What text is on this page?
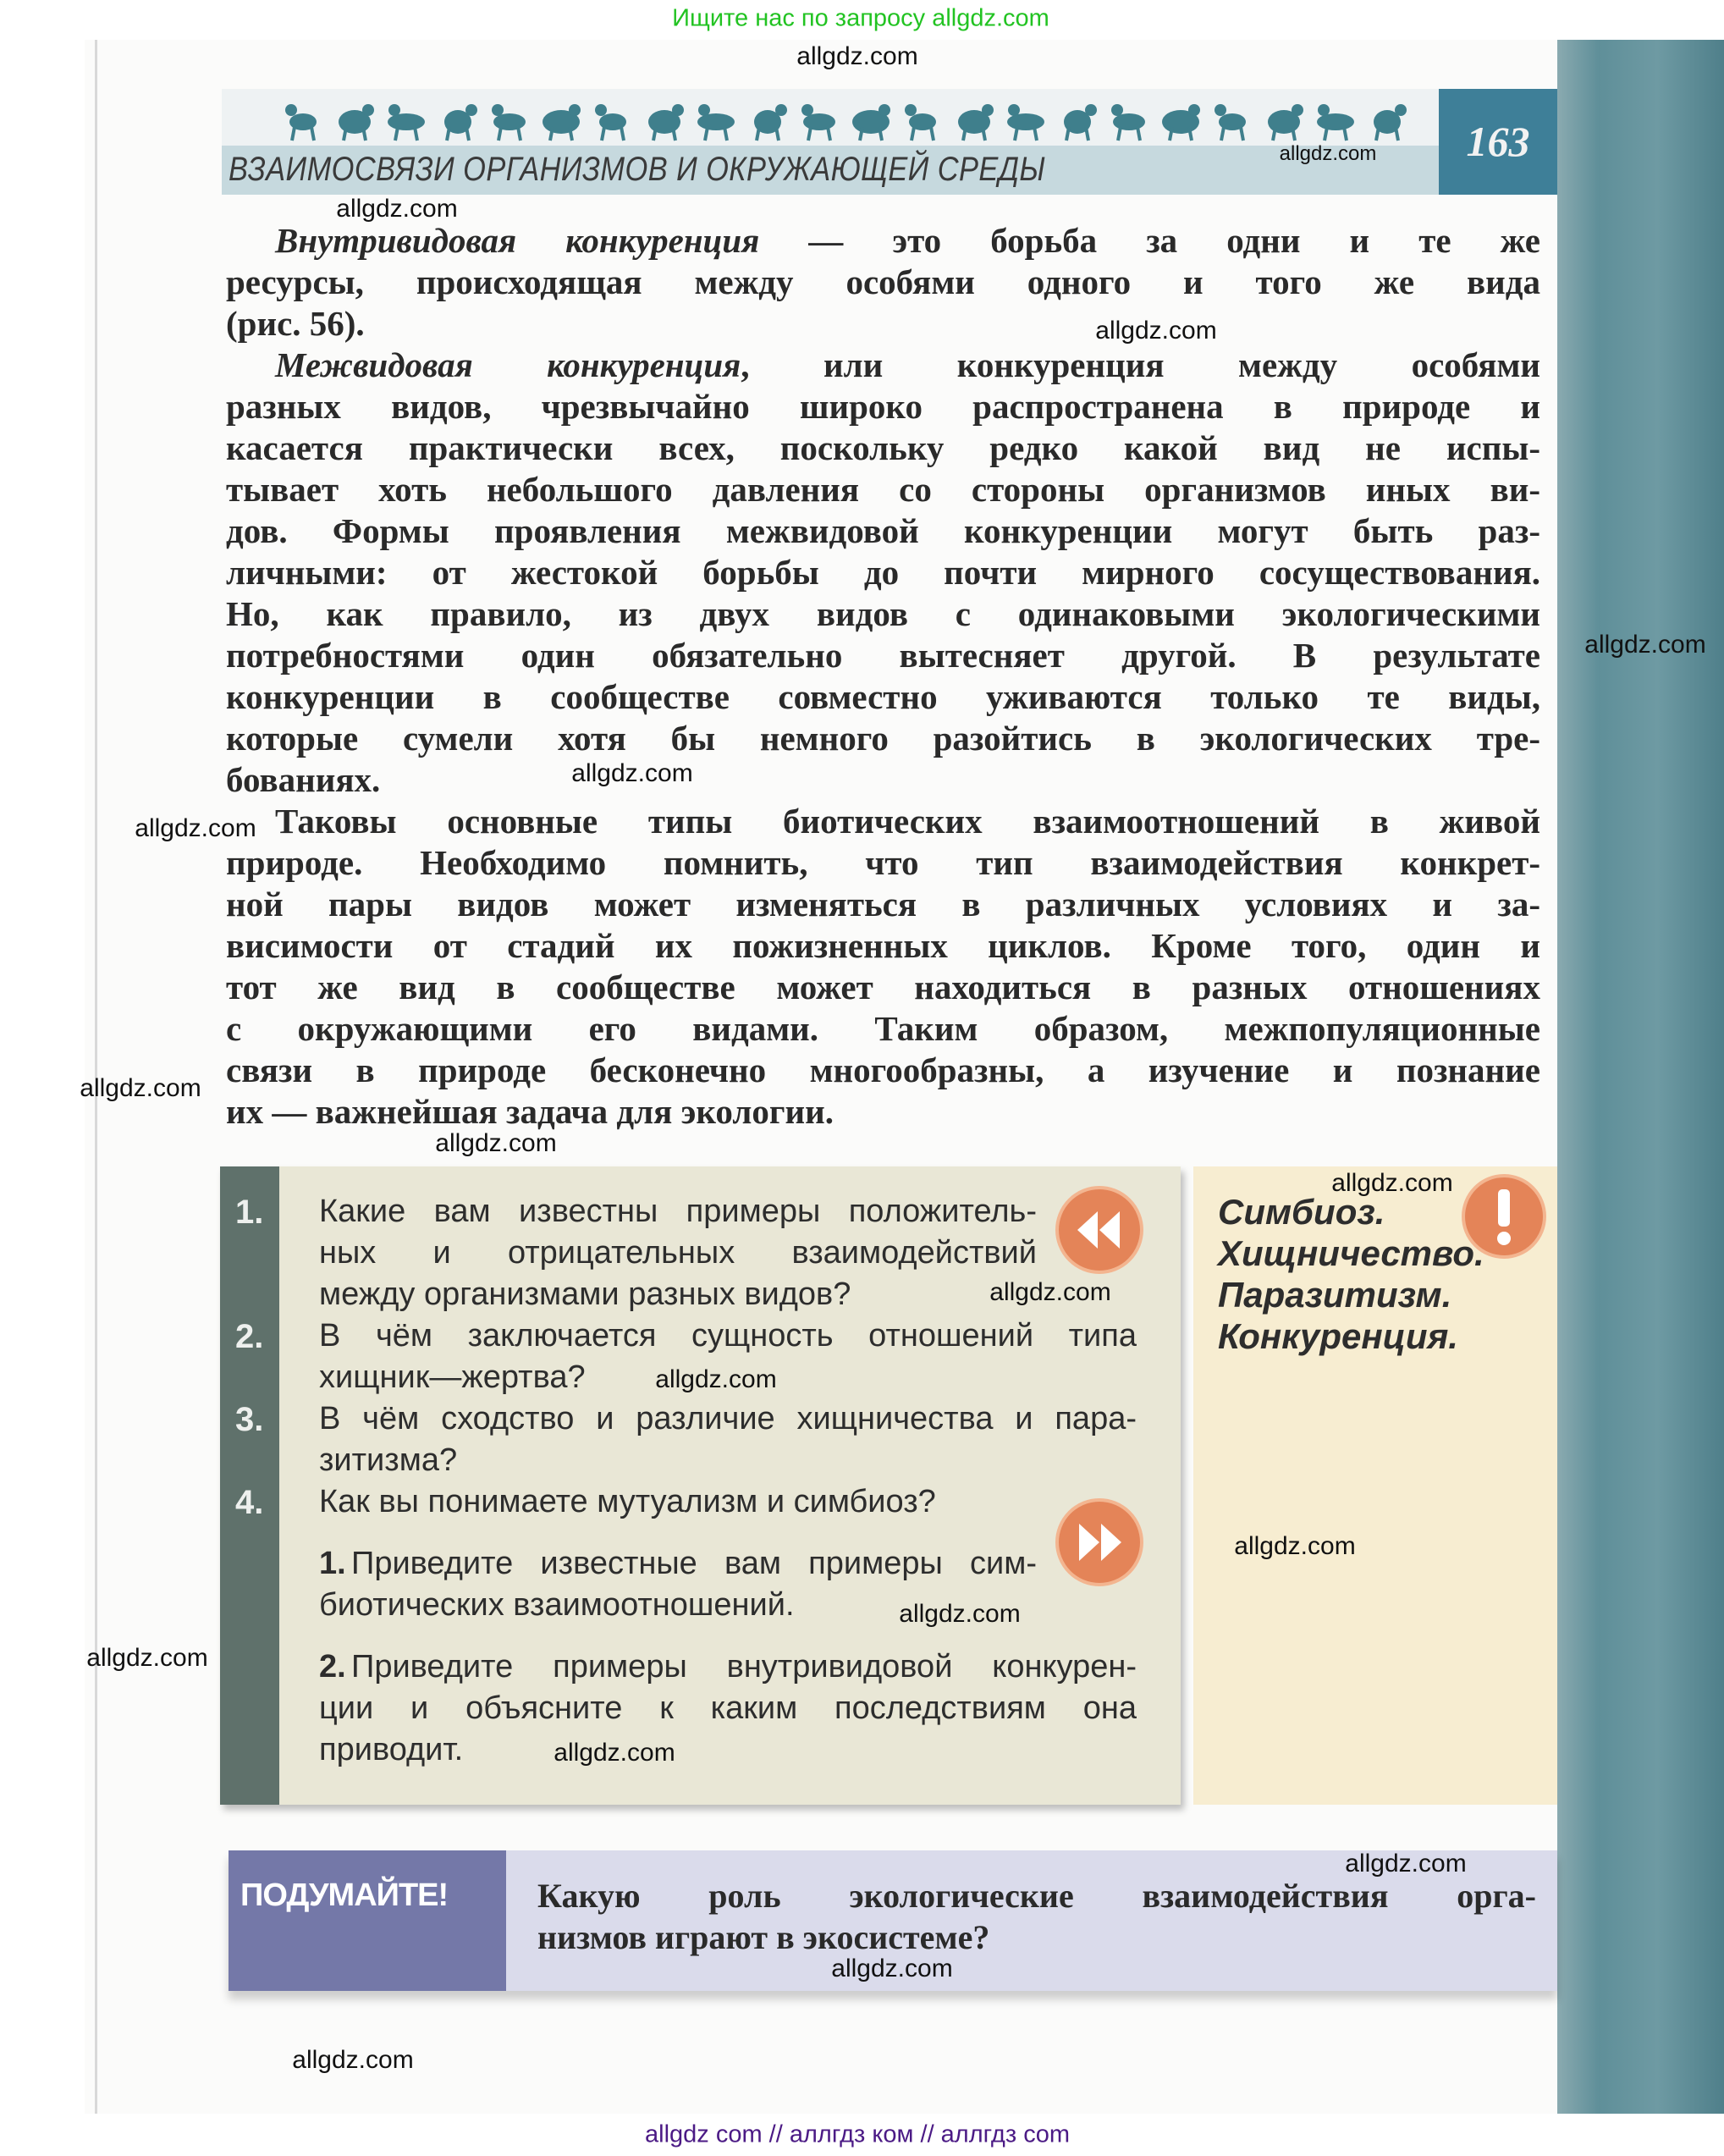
Ищите нас по запросу allgdz.com
ВЗАИМОСВЯЗИ ОРГАНИЗМОВ И ОКРУЖАЮЩЕЙ СРЕДЫ
163
Внутривидовая конкуренция — это борьба за одни и те же
ресурсы, происходящая между особями одного и того же вида
(рис. 56).
Межвидовая конкуренция, или конкуренция между особями
разных видов, чрезвычайно широко распространена в природе и
касается практически всех, поскольку редко какой вид не испы-
тывает хоть небольшого давления со стороны организмов иных ви-
дов. Формы проявления межвидовой конкуренции могут быть раз-
личными: от жестокой борьбы до почти мирного сосуществования.
Но, как правило, из двух видов с одинаковыми экологическими
потребностями один обязательно вытесняет другой. В результате
конкуренции в сообществе совместно уживаются только те виды,
которые сумели хотя бы немного разойтись в экологических тре-
бованиях.
Таковы основные типы биотических взаимоотношений в живой
природе. Необходимо помнить, что тип взаимодействия конкрет-
ной пары видов может изменяться в различных условиях и за-
висимости от стадий их пожизненных циклов. Кроме того, один и
тот же вид в сообществе может находиться в разных отношениях
с окружающими его видами. Таким образом, межпопуляционные
связи в природе бесконечно многообразны, а изучение и познание
их — важнейшая задача для экологии.
1. Какие вам известны примеры положитель-
ных и отрицательных взаимодействий
между организмами разных видов?
2. В чём заключается сущность отношений типа
хищник—жертва?
3. В чём сходство и различие хищничества и пара-
зитизма?
4. Как вы понимаете мутуализм и симбиоз?
1. Приведите известные вам примеры сим-
биотических взаимоотношений.
2. Приведите примеры внутривидовой конкурен-
ции и объясните к каким последствиям она
приводит.
Симбиоз.
Хищничество.
Паразитизм.
Конкуренция.
ПОДУМАЙТЕ!	Какую роль экологические взаимодействия орга-
низмов играют в экосистеме?
allgdz.com
allgdz.com
allgdz.com
allgdz.com
allgdz.com
allgdz.com
allgdz.com
allgdz.com
allgdz.com
allgdz.com
allgdz.com
allgdz.com
allgdz.com
allgdz.com
allgdz.com
allgdz.com
allgdz.com
allgdz.com
allgdz.com
allgdz com // аллгдз ком // аллгдз com
